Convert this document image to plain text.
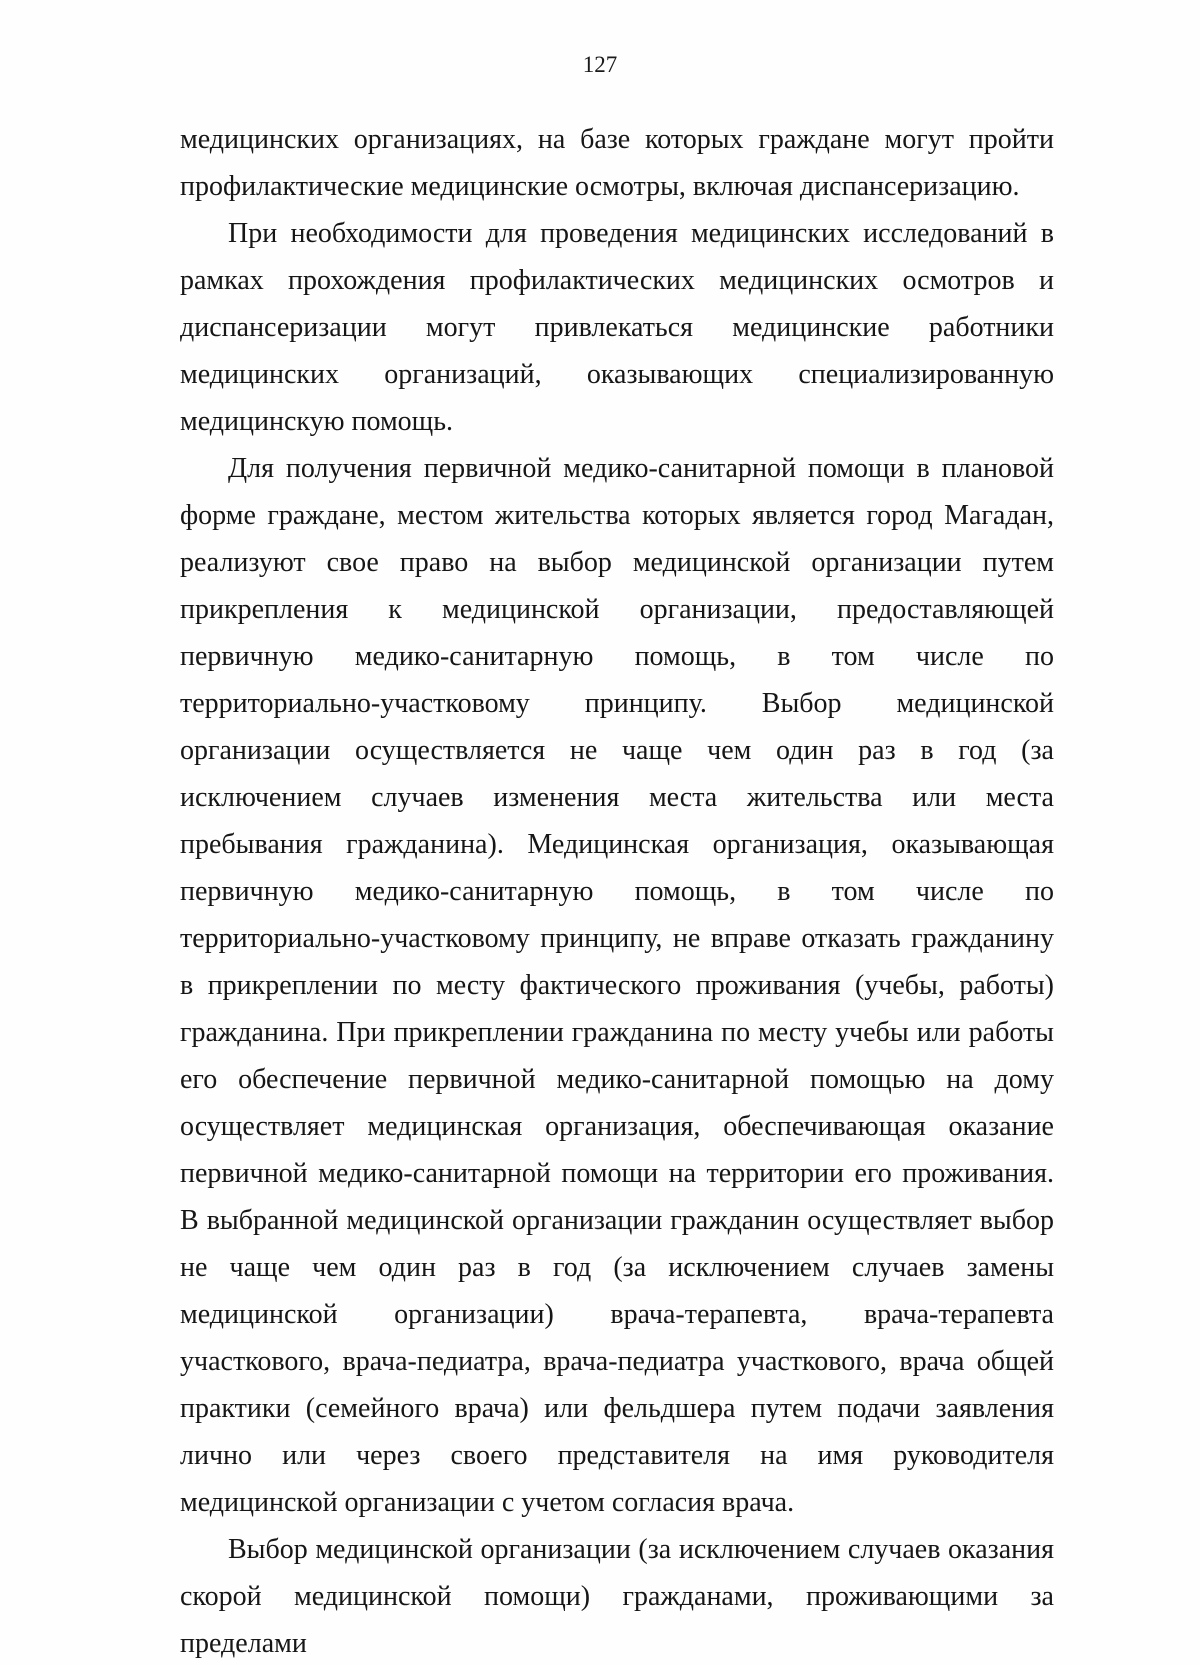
127

медицинских организациях, на базе которых граждане могут пройти профилактические медицинские осмотры, включая диспансеризацию.

При необходимости для проведения медицинских исследований в рамках прохождения профилактических медицинских осмотров и диспансеризации могут привлекаться медицинские работники медицинских организаций, оказывающих специализированную медицинскую помощь.

Для получения первичной медико-санитарной помощи в плановой форме граждане, местом жительства которых является город Магадан, реализуют свое право на выбор медицинской организации путем прикрепления к медицинской организации, предоставляющей первичную медико-санитарную помощь, в том числе по территориально-участковому принципу. Выбор медицинской организации осуществляется не чаще чем один раз в год (за исключением случаев изменения места жительства или места пребывания гражданина). Медицинская организация, оказывающая первичную медико-санитарную помощь, в том числе по территориально-участковому принципу, не вправе отказать гражданину в прикреплении по месту фактического проживания (учебы, работы) гражданина. При прикреплении гражданина по месту учебы или работы его обеспечение первичной медико-санитарной помощью на дому осуществляет медицинская организация, обеспечивающая оказание первичной медико-санитарной помощи на территории его проживания. В выбранной медицинской организации гражданин осуществляет выбор не чаще чем один раз в год (за исключением случаев замены медицинской организации) врача-терапевта, врача-терапевта участкового, врача-педиатра, врача-педиатра участкового, врача общей практики (семейного врача) или фельдшера путем подачи заявления лично или через своего представителя на имя руководителя медицинской организации с учетом согласия врача.

Выбор медицинской организации (за исключением случаев оказания скорой медицинской помощи) гражданами, проживающими за пределами
